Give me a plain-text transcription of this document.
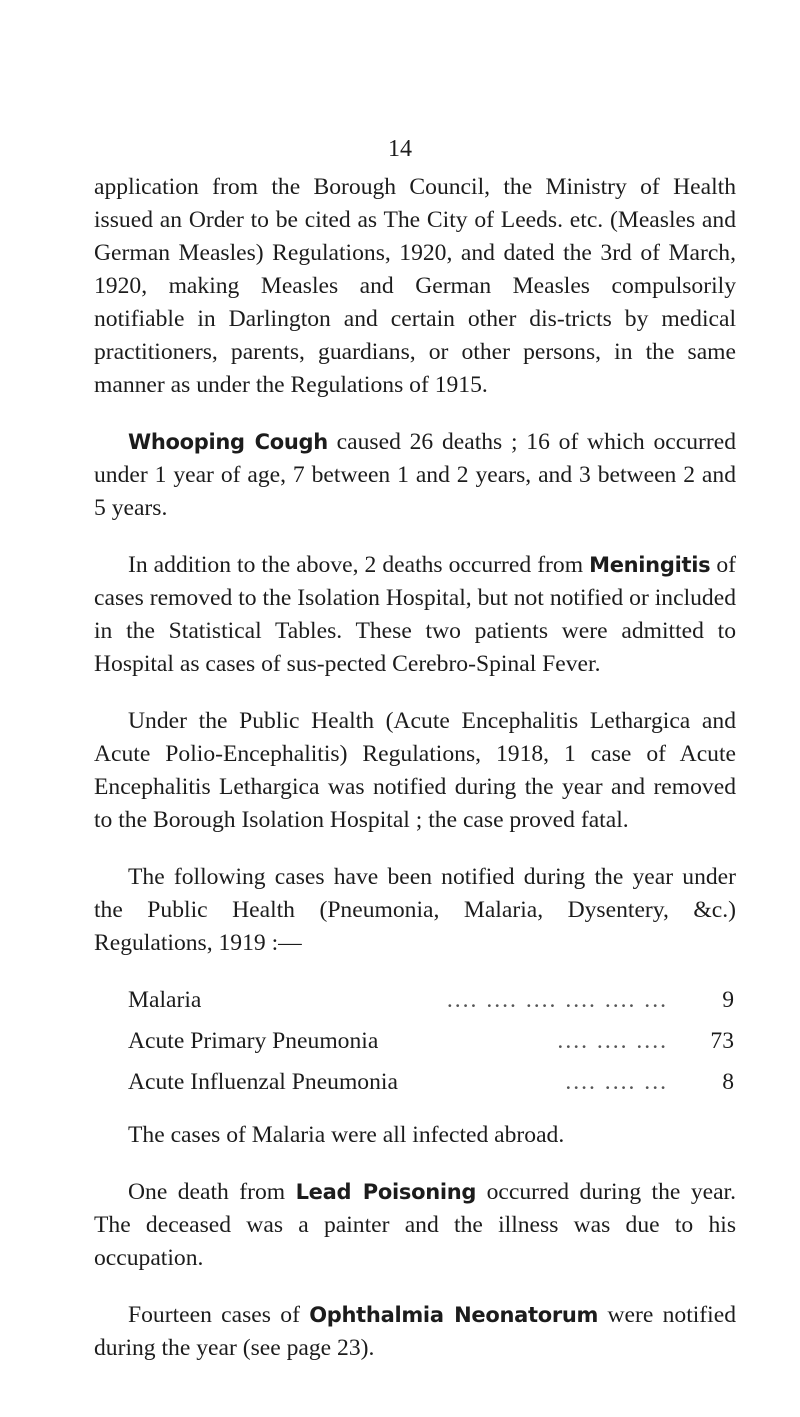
14

application from the Borough Council, the Ministry of Health issued an Order to be cited as The City of Leeds. etc. (Measles and German Measles) Regulations, 1920, and dated the 3rd of March, 1920, making Measles and German Measles compulsorily notifiable in Darlington and certain other dis-tricts by medical practitioners, parents, guardians, or other persons, in the same manner as under the Regulations of 1915.

Whooping Cough caused 26 deaths ; 16 of which occurred under 1 year of age, 7 between 1 and 2 years, and 3 between 2 and 5 years.

In addition to the above, 2 deaths occurred from Meningitis of cases removed to the Isolation Hospital, but not notified or included in the Statistical Tables. These two patients were admitted to Hospital as cases of sus-pected Cerebro-Spinal Fever.

Under the Public Health (Acute Encephalitis Lethargica and Acute Polio-Encephalitis) Regulations, 1918, 1 case of Acute Encephalitis Lethargica was notified during the year and removed to the Borough Isolation Hospital ; the case proved fatal.

The following cases have been notified during the year under the Public Health (Pneumonia, Malaria, Dysentery, &c.) Regulations, 1919 :—

Malaria	.... .... .... .... .... ...	9
Acute Primary Pneumonia	.... .... ....	73
Acute Influenzal Pneumonia	.... .... ...	8

The cases of Malaria were all infected abroad.

One death from Lead Poisoning occurred during the year. The deceased was a painter and the illness was due to his occupation.

Fourteen cases of Ophthalmia Neonatorum were notified during the year (see page 23).
